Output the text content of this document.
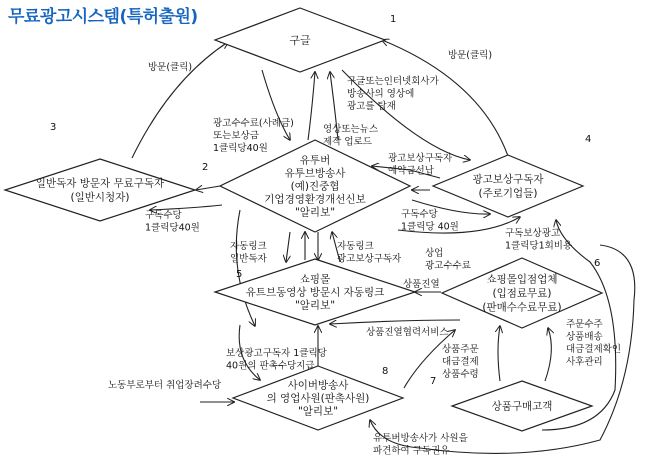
무료광고시스템(특허출원)
구글
1
유투버
유투브방송사
(예)진중협
기업경영환경개선신보
"알리보"
2
일반독자 방문자 무료구독자
(일반시청자)
3
광고보상구독자
(주로기업들)
4
쇼핑몰
유트브동영상 방문시 자동링크
"알리보"
5	쇼핑몰입점업체
(입점료무료)
(판매수수료무료)
6
상품구매고객
7
사이버방송사
의 영업사원(판촉사원)
"알리보"
8
방문(클릭)
방문(클릭)
구글또는인터넷회사가
방송사의 영상에
광고를 탑재
광고수수료(사례금)
또는보상금
1클릭당40원
영상또는뉴스
제작 업로드
광고보상구독자
예약금선납
구독수당
1클릭당40원
구독수당
1클릭당 40원
구독보상광고
1클릭당1회비용
자동링크
일반독자
자동링크
광고보상구독자	상업
광고수수료
상품진열
상품진열협력서비스
보상광고구독자 1클릭당
40원의 판촉수당지급
상품주문
대금결제
상품수령
주문수주
상품배송
대금결제확인
사후관리
노동부로부터 취업장려수당
유투버방송사가 사원을
파견하여 구독권유
